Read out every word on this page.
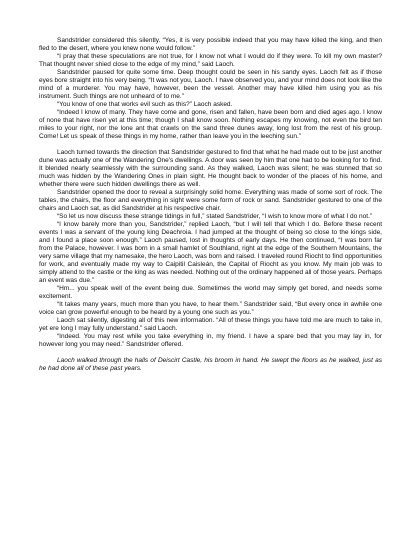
Sandstrider considered this silently. “Yes, it is very possible indeed that you may have killed the king, and then fled to the desert, where you knew none would follow.”

“I pray that these speculations are not true, for I know not what I would do if they were. To kill my own master? That thought never shied close to the edge of my mind,” said Laoch.

Sandstrider paused for quite some time. Deep thought could be seen in his sandy eyes. Laoch felt as if those eyes bore straight into his very being. “It was not you, Laoch. I have observed you, and your mind does not look like the mind of a murderer. You may have, however, been the vessel. Another may have killed him using you as his instrument. Such things are not unheard of to me.”

“You know of one that works evil such as this?” Laoch asked.

“Indeed I know of many. They have come and gone, risen and fallen, have been born and died ages ago. I know of none that have risen yet at this time; though I shall know soon. Nothing escapes my knowing, not even the bird ten miles to your right, nor the lone ant that crawls on the sand three dunes away, long lost from the rest of his group. Come! Let us speak of these things in my home, rather than leave you in the leeching sun.”

Laoch turned towards the direction that Sandstrider gestured to find that what he had made out to be just another dune was actually one of the Wandering One’s dwellings. A door was seen by him that one had to be looking for to find. It blended nearly seamlessly with the surrounding sand. As they walked, Laoch was silent; he was stunned that so much was hidden by the Wandering Ones in plain sight. He thought back to wonder of the places of his home, and whether there were such hidden dwellings there as well.

Sandstrider opened the door to reveal a surprisingly solid home. Everything was made of some sort of rock. The tables, the chairs, the floor and everything in sight were some form of rock or sand. Sandstrider gestured to one of the chairs and Laoch sat, as did Sandstrider at his respective chair.

“So let us now discuss these strange tidings in full,” stated Sandstrider, “I wish to know more of what I do not.”

“I know barely more than you, Sandstrider,” replied Laoch, “but I will tell that which I do. Before these recent events I was a servant of the young king Deachroia. I had jumped at the thought of being so close to the kings side, and I found a place soon enough.” Laoch paused, lost in thoughts of early days. He then continued, “I was born far from the Palace, however. I was born in a small hamlet of Southland, right at the edge of the Southern Mountains, the very same village that my namesake, the hero Laoch, was born and raised. I traveled round Riocht to find opportunities for work, and eventually made my way to Caipitil Caisleán, the Capital of Riocht as you know. My main job was to simply attend to the castle or the king as was needed. Nothing out of the ordinary happened all of those years. Perhaps an event was due.”

“Hm... you speak well of the event being due. Sometimes the world may simply get bored, and needs some excitement.

“It takes many years, much more than you have, to hear them.” Sandstrider said, “But every once in awhile one voice can grow powerful enough to be heard by a young one such as you.”

Laoch sat silently, digesting all of this new information. “All of these things you have told me are much to take in, yet ere long I may fully understand.” said Laoch.

“Indeed. You may rest while you take everything in, my friend. I have a spare bed that you may lay in, for however long you may need.” Sandstrider offered.

Laoch walked through the halls of Deiscirt Castle, his broom in hand. He swept the floors as he walked, just as he had done all of these past years.
